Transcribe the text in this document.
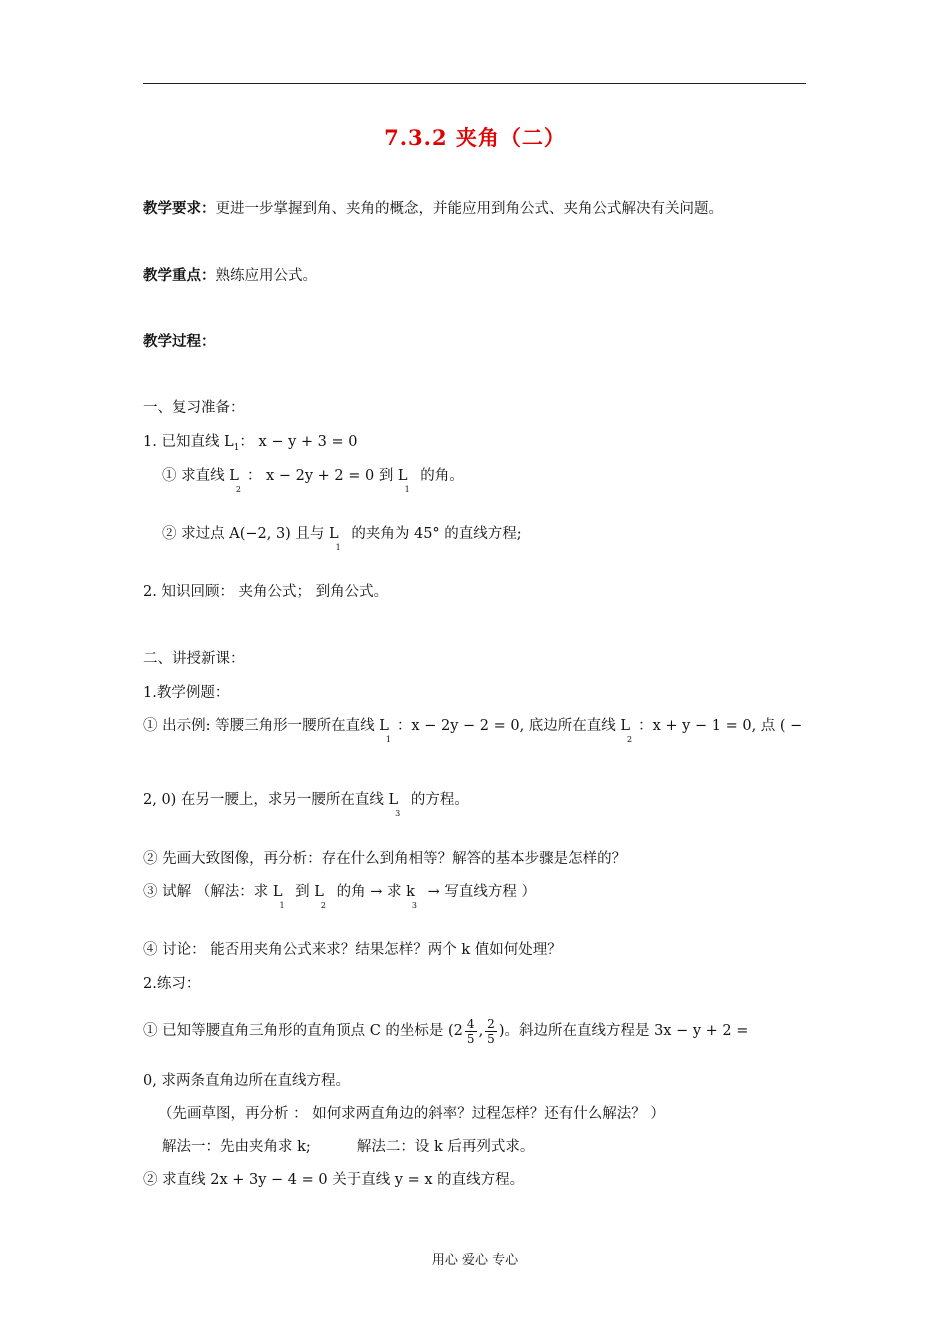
7.3.2 夹角（二）
教学要求：更进一步掌握到角、夹角的概念，并能应用到角公式、夹角公式解决有关问题。
教学重点：熟练应用公式。
教学过程：
一、复习准备：
1. 已知直线 $L_1$： x − y + 3 = 0
① 求直线 $L_2$： x − 2y + 2 = 0 到 $L_1$ 的角。
② 求过点 A(−2, 3) 且与 $L_1$ 的夹角为 45° 的直线方程;
2. 知识回顾： 夹角公式； 到角公式。
二、讲授新课：
1.教学例题：
① 出示例: 等腰三角形一腰所在直线 $L_1$：x − 2y − 2 = 0, 底边所在直线 $L_2$：x + y − 1 = 0, 点 ( −
2, 0) 在另一腰上，求另一腰所在直线 $L_3$ 的方程。
② 先画大致图像，再分析：存在什么到角相等？解答的基本步骤是怎样的？
③ 试解 （解法：求 $L_1$ 到 $L_2$ 的角 → 求 $k_3$ → 写直线方程 ）
④ 讨论： 能否用夹角公式来求？结果怎样？两个 k 值如何处理？
2.练习：
① 已知等腰直角三角形的直角顶点 C 的坐标是 ($2 \frac{4}{5}$ , $\frac{2}{5}$ )。斜边所在直线方程是 3x − y + 2 =
0, 求两条直角边所在直线方程。
（先画草图，再分析 ： 如何求两直角边的斜率？过程怎样？还有什么解法？ ）
解法一：先由夹角求 k;          解法二：设 k 后再列式求。
② 求直线 2x + 3y − 4 = 0 关于直线 y = x 的直线方程。
用心 爱心 专心
